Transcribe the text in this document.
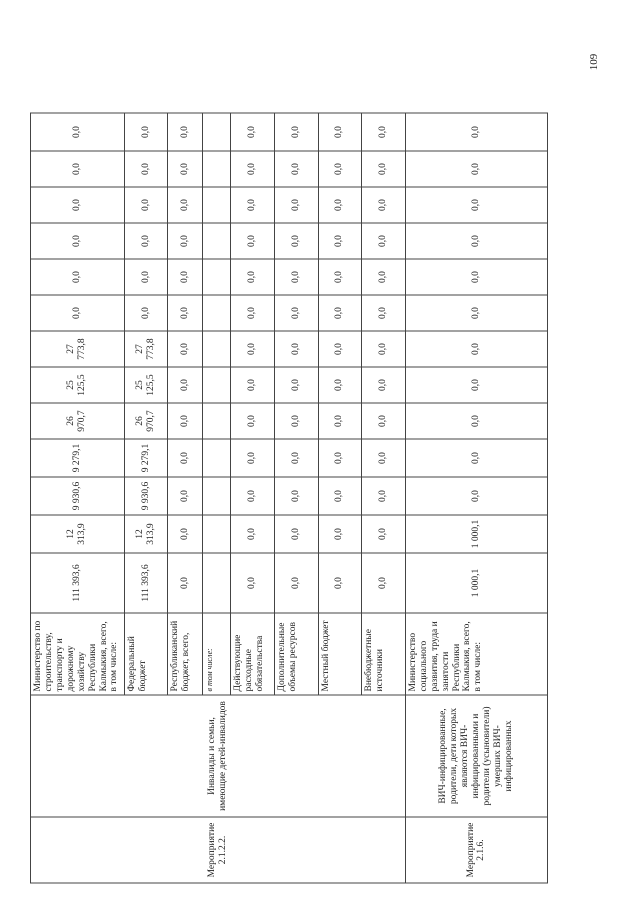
109
Мероприятие 2.1.2.2.	Инвалиды и семьи, имеющие детей-инвалидов	Министерство по строительству, транспорту и дорожному хозяйству Республики Калмыкия, всего, в том числе:	111 393,6	12 313,9	9 930,6	9 279,1	26 970,7	25 125,5	27 773,8	0,0	0,0	0,0	0,0	0,0	0,0
		Федеральный бюджет	111 393,6	12 313,9	9 930,6	9 279,1	26 970,7	25 125,5	27 773,8	0,0	0,0	0,0	0,0	0,0	0,0
		Республиканский бюджет, всего,	0,0	0,0	0,0	0,0	0,0	0,0	0,0	0,0	0,0	0,0	0,0	0,0	0,0
		в том числе:													
		Действующие расходные обязательства	0,0	0,0	0,0	0,0	0,0	0,0	0,0	0,0	0,0	0,0	0,0	0,0	0,0
		Дополнительные объемы ресурсов	0,0	0,0	0,0	0,0	0,0	0,0	0,0	0,0	0,0	0,0	0,0	0,0	0,0
		Местный бюджет	0,0	0,0	0,0	0,0	0,0	0,0	0,0	0,0	0,0	0,0	0,0	0,0	0,0
		Внебюджетные источники	0,0	0,0	0,0	0,0	0,0	0,0	0,0	0,0	0,0	0,0	0,0	0,0	0,0
Мероприятие 2.1.6.	ВИЧ-инфицированные, родители, дети которых являются ВИЧ-инфицированными и родители (усыновители) умерших ВИЧ-инфицированных	Министерство социального развития, труда и занятости Республики Калмыкия, всего, в том числе:	1 000,1	1 000,1	0,0	0,0	0,0	0,0	0,0	0,0	0,0	0,0	0,0	0,0	0,0
